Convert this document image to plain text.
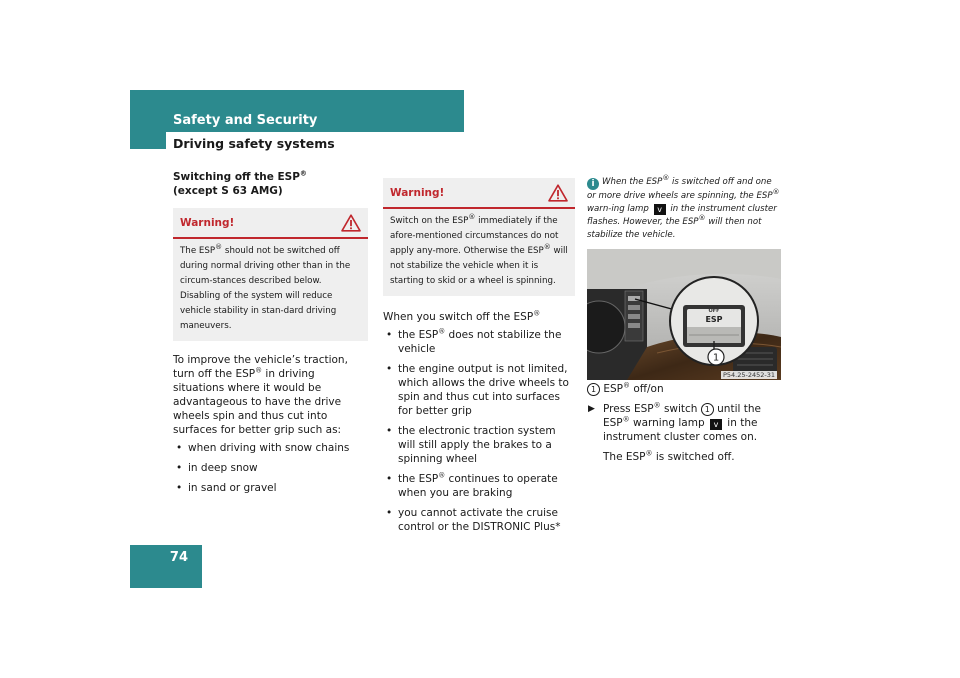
Safety and Security
Driving safety systems
Switching off the ESP®
(except S 63 AMG)
Warning!
The ESP® should not be switched off during normal driving other than in the circum-stances described below. Disabling of the system will reduce vehicle stability in stan-dard driving maneuvers.

To improve the vehicle’s traction, turn off the ESP® in driving situations where it would be advantageous to have the drive wheels spin and thus cut into surfaces for better grip such as:

• when driving with snow chains
• in deep snow
• in sand or gravel
Warning!
Switch on the ESP® immediately if the afore-mentioned circumstances do not apply any-more. Otherwise the ESP® will not stabilize the vehicle when it is starting to skid or a wheel is spinning.

When you switch off the ESP®

• the ESP® does not stabilize the vehicle
• the engine output is not limited, which allows the drive wheels to spin and thus cut into surfaces for better grip
• the electronic traction system will still apply the brakes to a spinning wheel
• the ESP® continues to operate when you are braking
• you cannot activate the cruise control or the DISTRONIC Plus*
i When the ESP® is switched off and one or more drive wheels are spinning, the ESP® warn-ing lamp v in the instrument cluster flashes. However, the ESP® will then not stabilize the vehicle.
OFF
ESP
1
P54.25-2452-31
1 ESP® off/on
▶ Press ESP® switch 1 until the ESP® warning lamp v in the instrument cluster comes on.
The ESP® is switched off.
74
